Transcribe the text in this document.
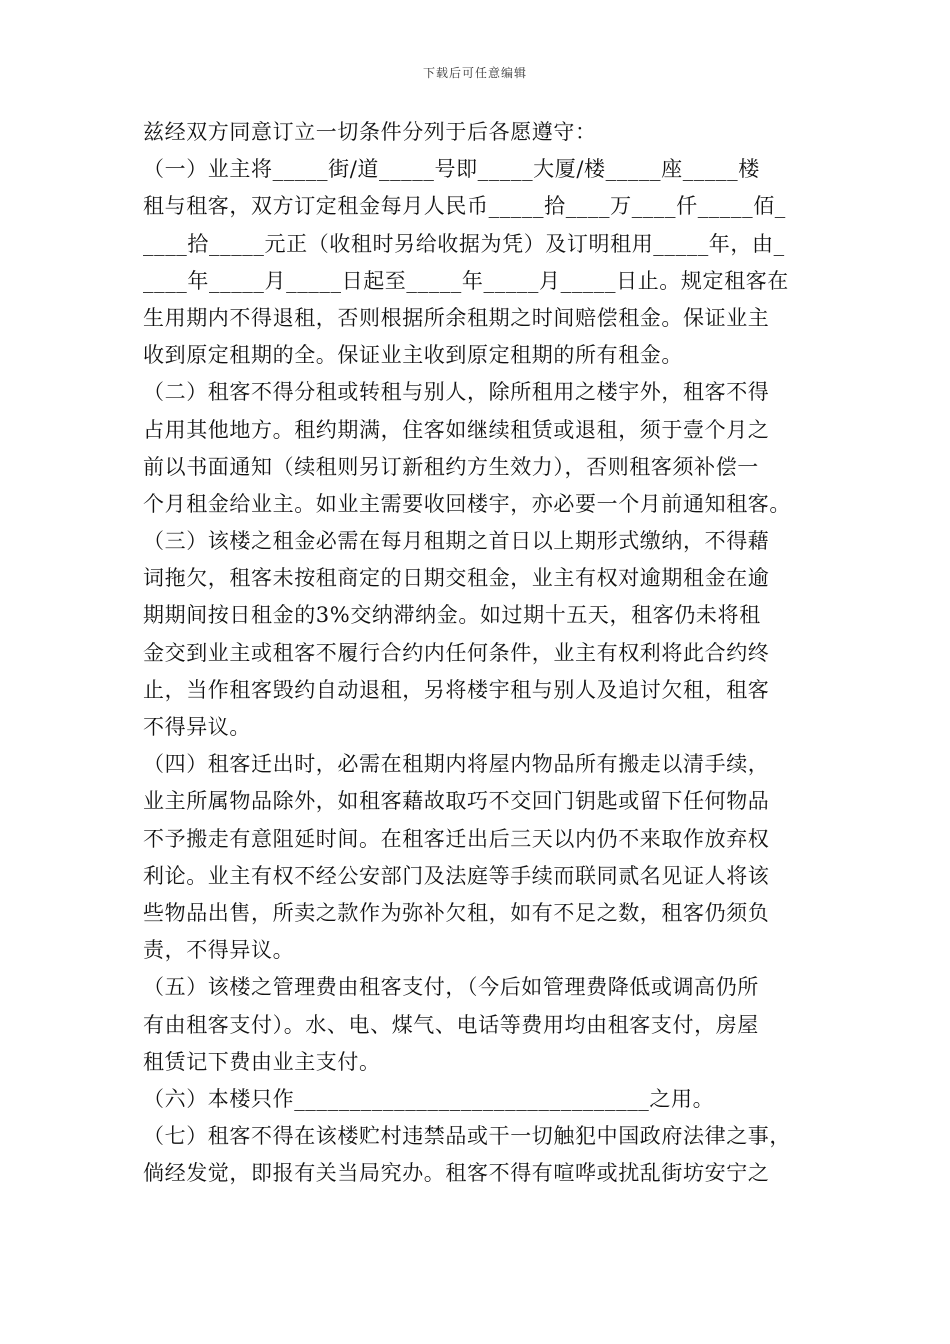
下载后可任意编辑
兹经双方同意订立一切条件分列于后各愿遵守：
（一）业主将_____街/道_____号即_____大厦/楼_____座_____楼
租与租客，双方订定租金每月人民币_____拾____万____仟_____佰_
____拾_____元正（收租时另给收据为凭）及订明租用_____年，由_
____年_____月_____日起至_____年_____月_____日止。规定租客在
生用期内不得退租，否则根据所余租期之时间赔偿租金。保证业主
收到原定租期的全。保证业主收到原定租期的所有租金。
（二）租客不得分租或转租与别人，除所租用之楼宇外，租客不得
占用其他地方。租约期满，住客如继续租赁或退租，须于壹个月之
前以书面通知（续租则另订新租约方生效力），否则租客须补偿一
个月租金给业主。如业主需要收回楼宇，亦必要一个月前通知租客。
（三）该楼之租金必需在每月租期之首日以上期形式缴纳，不得藉
词拖欠，租客未按租商定的日期交租金，业主有权对逾期租金在逾
期期间按日租金的3%交纳滞纳金。如过期十五天，租客仍未将租
金交到业主或租客不履行合约内任何条件，业主有权利将此合约终
止，当作租客毁约自动退租，另将楼宇租与别人及追讨欠租，租客
不得异议。
（四）租客迁出时，必需在租期内将屋内物品所有搬走以清手续，
业主所属物品除外，如租客藉故取巧不交回门钥匙或留下任何物品
不予搬走有意阻延时间。在租客迁出后三天以内仍不来取作放弃权
利论。业主有权不经公安部门及法庭等手续而联同贰名见证人将该
些物品出售，所卖之款作为弥补欠租，如有不足之数，租客仍须负
责，不得异议。
（五）该楼之管理费由租客支付，（今后如管理费降低或调高仍所
有由租客支付）。水、电、煤气、电话等费用均由租客支付，房屋
租赁记下费由业主支付。
（六）本楼只作________________________________之用。
（七）租客不得在该楼贮村违禁品或干一切触犯中国政府法律之事，
倘经发觉，即报有关当局究办。租客不得有喧哗或扰乱街坊安宁之
